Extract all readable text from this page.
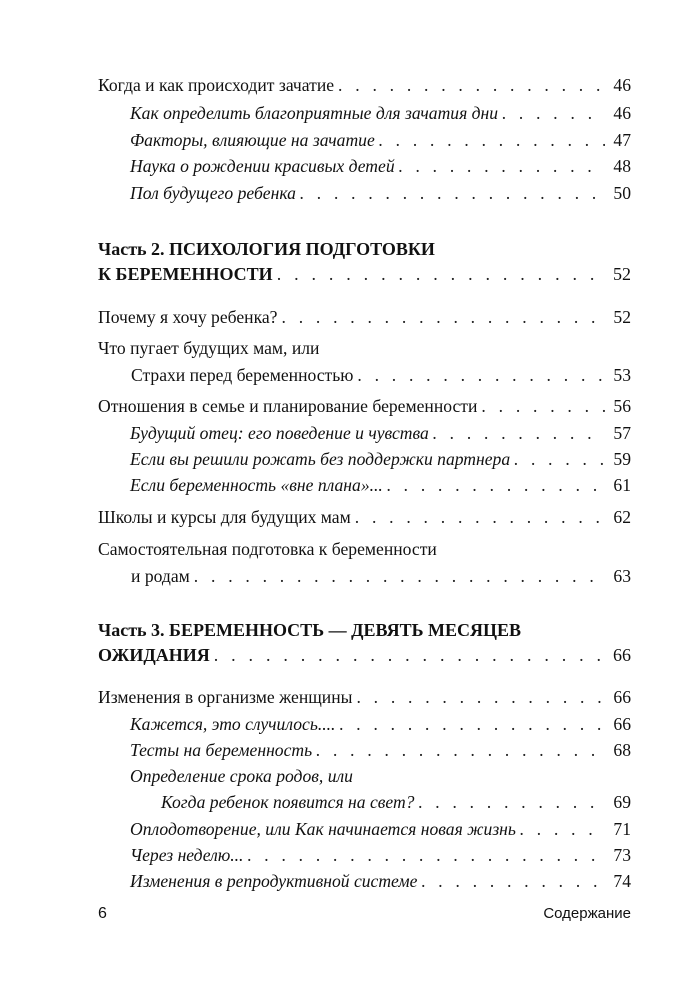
Когда и как происходит зачатие . . .	46
Как определить благоприятные для зачатия дни . . .	46
Факторы, влияющие на зачатие . . .	47
Наука о рождении красивых детей . . .	48
Пол будущего ребенка . . .	50
Часть 2. ПСИХОЛОГИЯ ПОДГОТОВКИ
К БЕРЕМЕННОСТИ . . .	52
Почему я хочу ребенка? . . .	52
Что пугает будущих мам, или
Страхи перед беременностью . . .	53
Отношения в семье и планирование беременности . . .	56
Будущий отец: его поведение и чувства . . .	57
Если вы решили рожать без поддержки партнера . . .	59
Если беременность «вне плана»... . . .	61
Школы и курсы для будущих мам . . .	62
Самостоятельная подготовка к беременности
и родам . . .	63
Часть 3. БЕРЕМЕННОСТЬ — ДЕВЯТЬ МЕСЯЦЕВ
ОЖИДАНИЯ . . .	66
Изменения в организме женщины . . .	66
Кажется, это случилось.... . . .	66
Тесты на беременность . . .	68
Определение срока родов, или
Когда ребенок появится на свет? . . .	69
Оплодотворение, или Как начинается новая жизнь . . .	71
Через неделю... . . .	73
Изменения в репродуктивной системе . . .	74
6	Содержание
